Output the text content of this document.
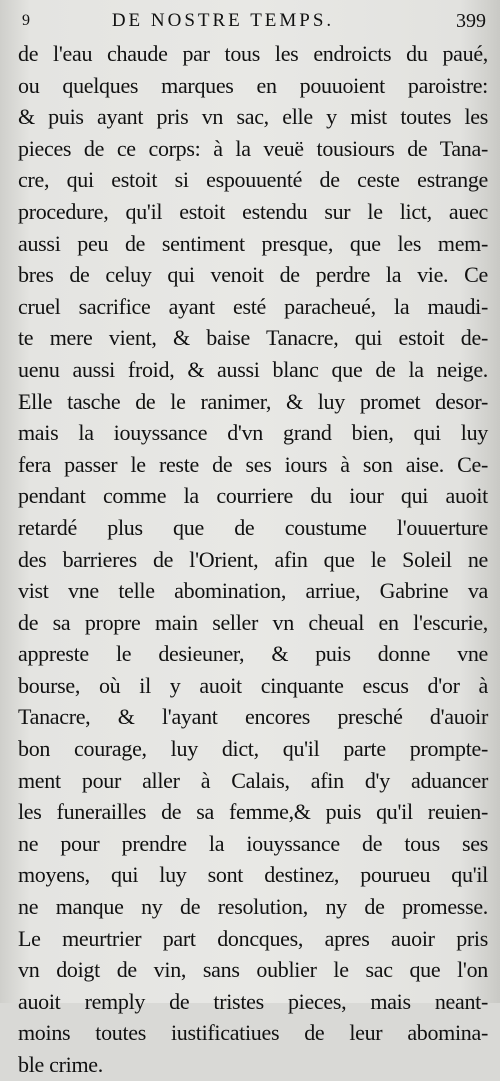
9	DE NOSTRE TEMPS.	399
de l'eau chaude par tous les endroicts du paué,
ou quelques marques en pouuoient paroistre:
& puis ayant pris vn sac, elle y mist toutes les
pieces de ce corps: à la veuë tousiours de Tana-
cre, qui estoit si espouuenté de ceste estrange
procedure, qu'il estoit estendu sur le lict, auec
aussi peu de sentiment presque, que les mem-
bres de celuy qui venoit de perdre la vie. Ce
cruel sacrifice ayant esté paracheué, la maudi-
te mere vient, & baise Tanacre, qui estoit de-
uenu aussi froid, & aussi blanc que de la neige.
Elle tasche de le ranimer, & luy promet desor-
mais la iouyssance d'vn grand bien, qui luy
fera passer le reste de ses iours à son aise. Ce-
pendant comme la courriere du iour qui auoit
retardé plus que de coustume l'ouuerture
des barrieres de l'Orient, afin que le Soleil ne
vist vne telle abomination, arriue, Gabrine va
de sa propre main seller vn cheual en l'escurie,
appreste le desieuner, & puis donne vne
bourse, où il y auoit cinquante escus d'or à
Tanacre, & l'ayant encores presché d'auoir
bon courage, luy dict, qu'il parte prompte-
ment pour aller à Calais, afin d'y aduancer
les funerailles de sa femme,& puis qu'il reuien-
ne pour prendre la iouyssance de tous ses
moyens, qui luy sont destinez, pourueu qu'il
ne manque ny de resolution, ny de promesse.
Le meurtrier part doncques, apres auoir pris
vn doigt de vin, sans oublier le sac que l'on
auoit remply de tristes pieces, mais neant-
moins toutes iustificatiues de leur abomina-
ble crime.
